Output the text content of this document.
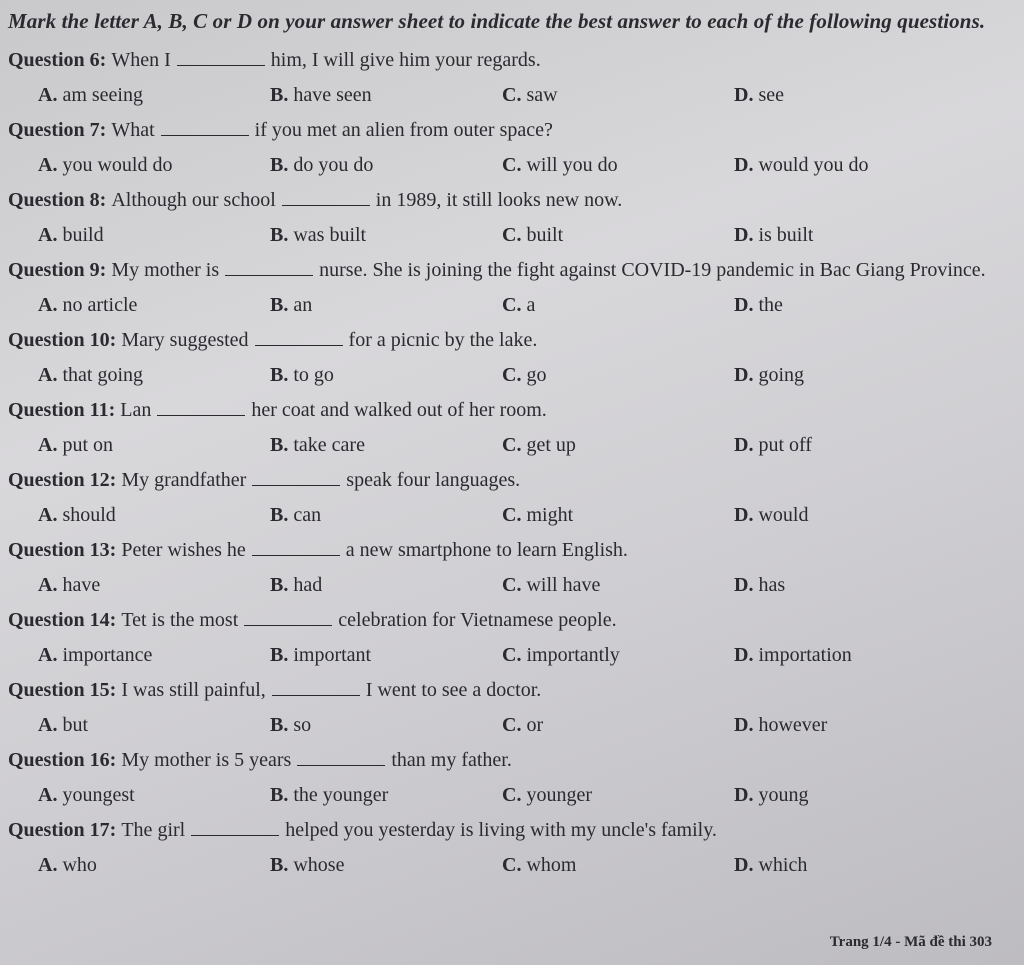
Mark the letter A, B, C or D on your answer sheet to indicate the best answer to each of the following questions.

Question 6: When I	him, I will give him your regards.
A. am seeing	B. have seen	C. saw	D. see
Question 7: What	if you met an alien from outer space?
A. you would do	B. do you do	C. will you do	D. would you do
Question 8: Although our school	in 1989, it still looks new now.
A. build	B. was built	C. built	D. is built
Question 9: My mother is	nurse. She is joining the fight against COVID-19 pandemic in Bac Giang Province.
A. no article	B. an	C. a	D. the
Question 10: Mary suggested	for a picnic by the lake.
A. that going	B. to go	C. go	D. going
Question 11: Lan	her coat and walked out of her room.
A. put on	B. take care	C. get up	D. put off
Question 12: My grandfather	speak four languages.
A. should	B. can	C. might	D. would
Question 13: Peter wishes he	a new smartphone to learn English.
A. have	B. had	C. will have	D. has
Question 14: Tet is the most	celebration for Vietnamese people.
A. importance	B. important	C. importantly	D. importation
Question 15: I was still painful,	I went to see a doctor.
A. but	B. so	C. or	D. however
Question 16: My mother is 5 years	than my father.
A. youngest	B. the younger	C. younger	D. young
Question 17: The girl	helped you yesterday is living with my uncle's family.
A. who	B. whose	C. whom	D. which
Trang 1/4 - Mã đề thi 303
